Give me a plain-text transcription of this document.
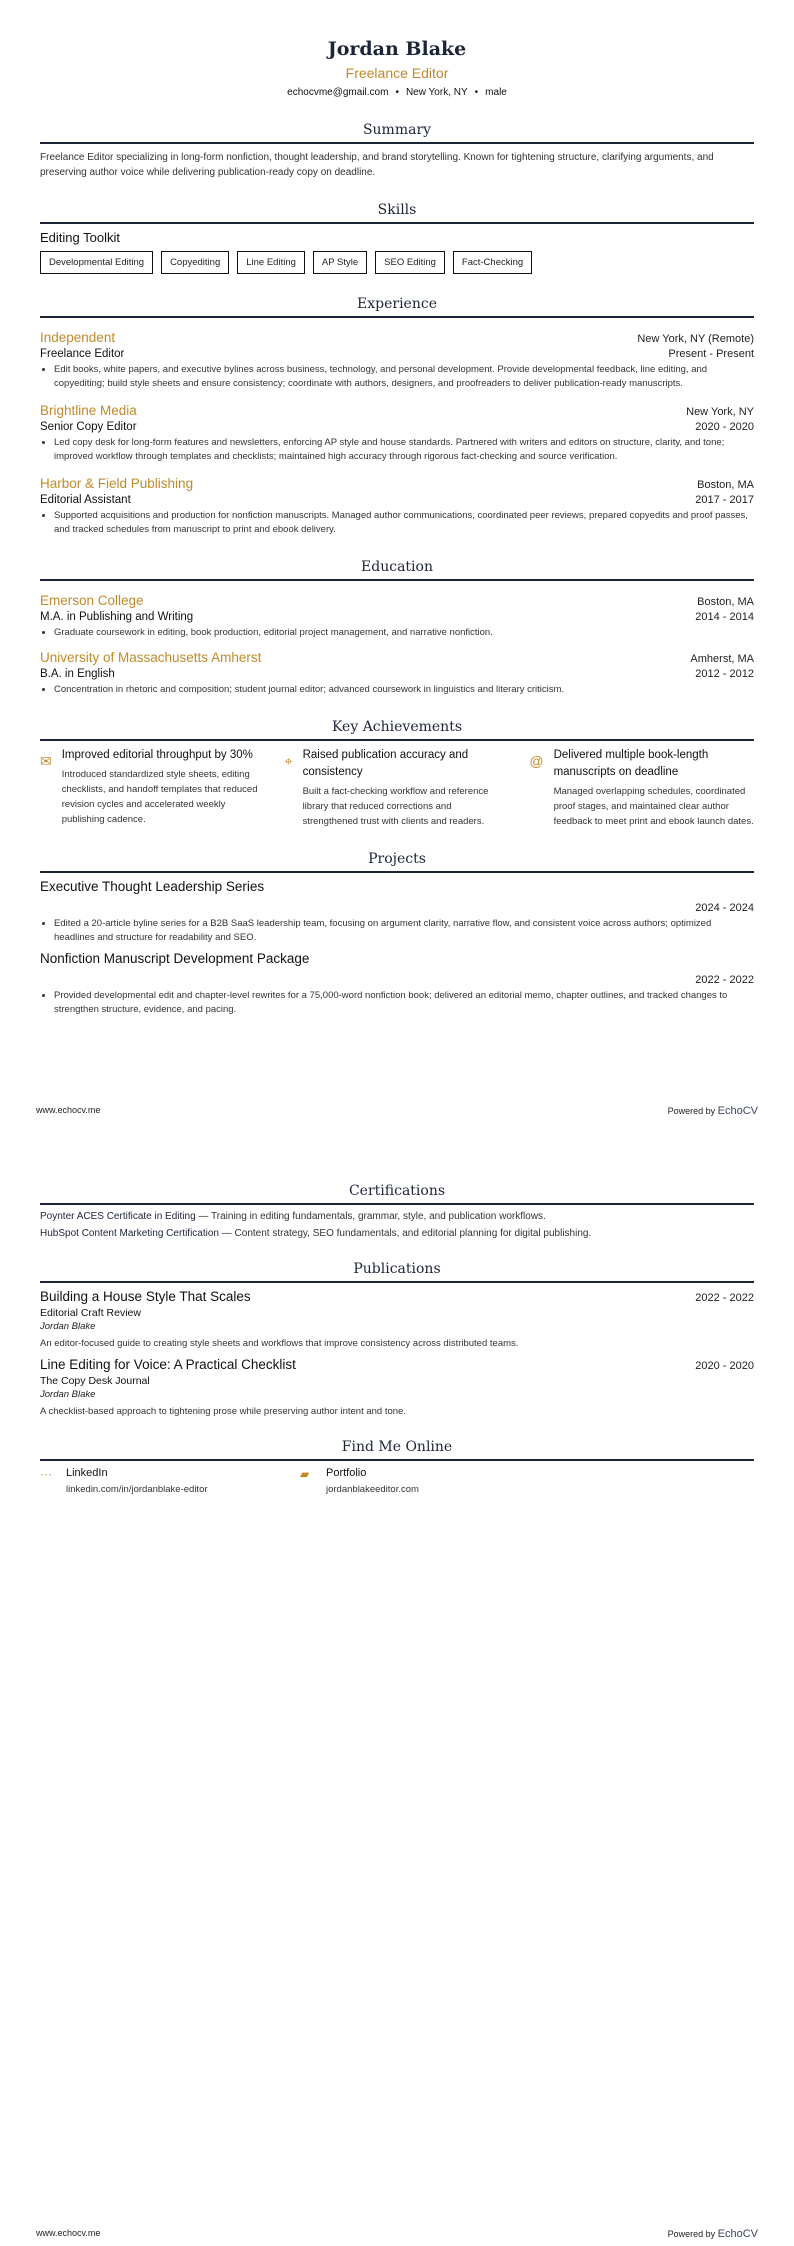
Jordan Blake
Freelance Editor
echocvme@gmail.com • New York, NY • male
Summary
Freelance Editor specializing in long-form nonfiction, thought leadership, and brand storytelling. Known for tightening structure, clarifying arguments, and preserving author voice while delivering publication-ready copy on deadline.
Skills
Editing Toolkit
Developmental Editing	Copyediting	Line Editing	AP Style	SEO Editing	Fact-Checking
Experience
Independent	New York, NY (Remote)
Freelance Editor	Present - Present
• Edit books, white papers, and executive bylines across business, technology, and personal development. Provide developmental feedback, line editing, and copyediting; build style sheets and ensure consistency; coordinate with authors, designers, and proofreaders to deliver publication-ready manuscripts.
Brightline Media	New York, NY
Senior Copy Editor	2020 - 2020
• Led copy desk for long-form features and newsletters, enforcing AP style and house standards. Partnered with writers and editors on structure, clarity, and tone; improved workflow through templates and checklists; maintained high accuracy through rigorous fact-checking and source verification.
Harbor & Field Publishing	Boston, MA
Editorial Assistant	2017 - 2017
• Supported acquisitions and production for nonfiction manuscripts. Managed author communications, coordinated peer reviews, prepared copyedits and proof passes, and tracked schedules from manuscript to print and ebook delivery.
Education
Emerson College	Boston, MA
M.A. in Publishing and Writing	2014 - 2014
• Graduate coursework in editing, book production, editorial project management, and narrative nonfiction.
University of Massachusetts Amherst	Amherst, MA
B.A. in English	2012 - 2012
• Concentration in rhetoric and composition; student journal editor; advanced coursework in linguistics and literary criticism.
Key Achievements
✉ Improved editorial throughput by 30%
Introduced standardized style sheets, editing checklists, and handoff templates that reduced revision cycles and accelerated weekly publishing cadence.
⌖ Raised publication accuracy and consistency
Built a fact-checking workflow and reference library that reduced corrections and strengthened trust with clients and readers.
@ Delivered multiple book-length manuscripts on deadline
Managed overlapping schedules, coordinated proof stages, and maintained clear author feedback to meet print and ebook launch dates.
Projects
Executive Thought Leadership Series
2024 - 2024
• Edited a 20-article byline series for a B2B SaaS leadership team, focusing on argument clarity, narrative flow, and consistent voice across authors; optimized headlines and structure for readability and SEO.
Nonfiction Manuscript Development Package
2022 - 2022
• Provided developmental edit and chapter-level rewrites for a 75,000-word nonfiction book; delivered an editorial memo, chapter outlines, and tracked changes to strengthen structure, evidence, and pacing.
www.echocv.me	Powered by EchoCV
Certifications
Poynter ACES Certificate in Editing — Training in editing fundamentals, grammar, style, and publication workflows.
HubSpot Content Marketing Certification — Content strategy, SEO fundamentals, and editorial planning for digital publishing.
Publications
Building a House Style That Scales	2022 - 2022
Editorial Craft Review
Jordan Blake
An editor-focused guide to creating style sheets and workflows that improve consistency across distributed teams.
Line Editing for Voice: A Practical Checklist	2020 - 2020
The Copy Desk Journal
Jordan Blake
A checklist-based approach to tightening prose while preserving author intent and tone.
Find Me Online
··· LinkedIn
linkedin.com/in/jordanblake-editor
▰	Portfolio
jordanblakeeditor.com
www.echocv.me	Powered by EchoCV
